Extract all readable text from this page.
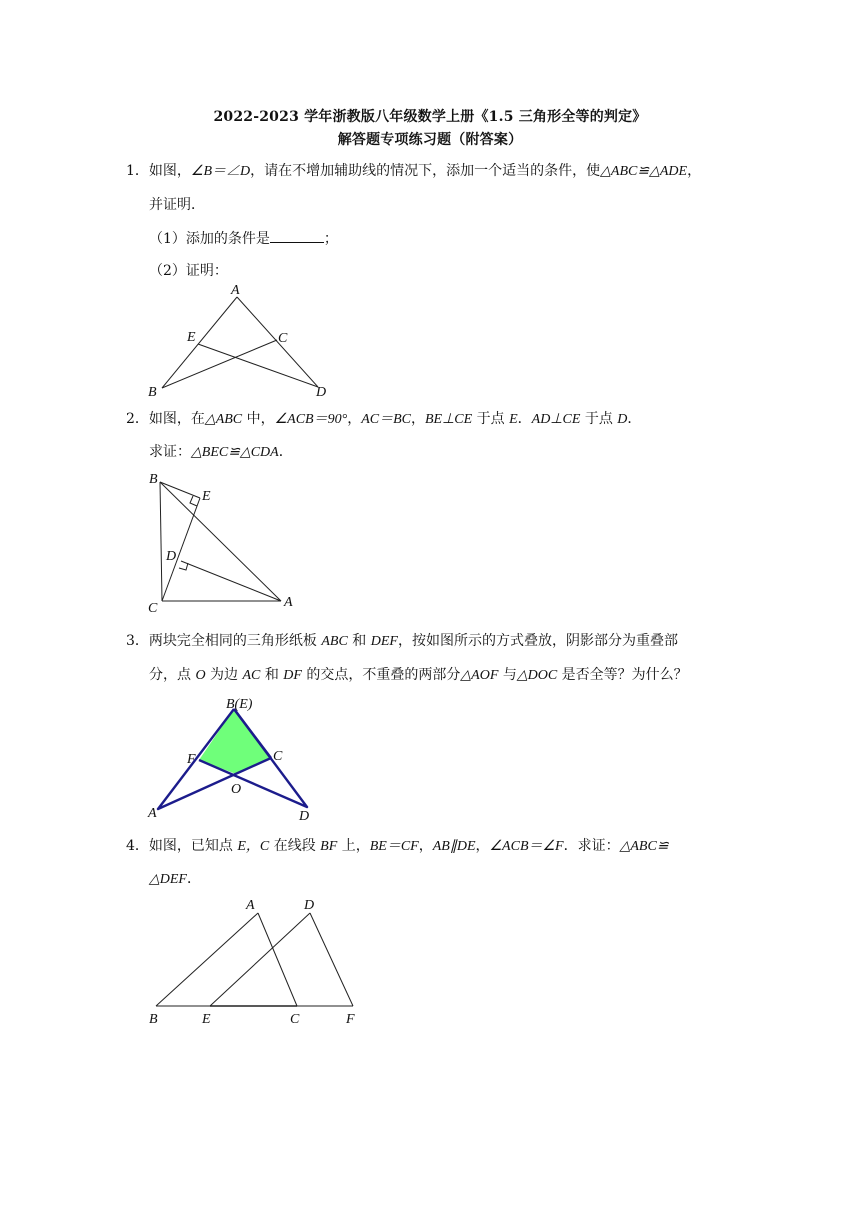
2022-2023 学年浙教版八年级数学上册《1.5 三角形全等的判定》
解答题专项练习题（附答案）
1．如图，∠B＝∠D，请在不增加辅助线的情况下，添加一个适当的条件，使△ABC≌△ADE，
并证明．
（1）添加的条件是	；
（2）证明：
A
E	C
B	D
2．如图，在△ABC 中，∠ACB＝90°，AC＝BC，BE⊥CE 于点 E．AD⊥CE 于点 D．
求证：△BEC≌△CDA．
B
E
D
C	A
3．两块完全相同的三角形纸板 ABC 和 DEF，按如图所示的方式叠放，阴影部分为重叠部
分，点 O 为边 AC 和 DF 的交点，不重叠的两部分△AOF 与△DOC 是否全等？为什么？
B(E)
F	C
O
A	D
4．如图，已知点 E，C 在线段 BF 上，BE＝CF，AB∥DE，∠ACB＝∠F．求证：△ABC≌
△DEF．
A	D
B	E	C	F
